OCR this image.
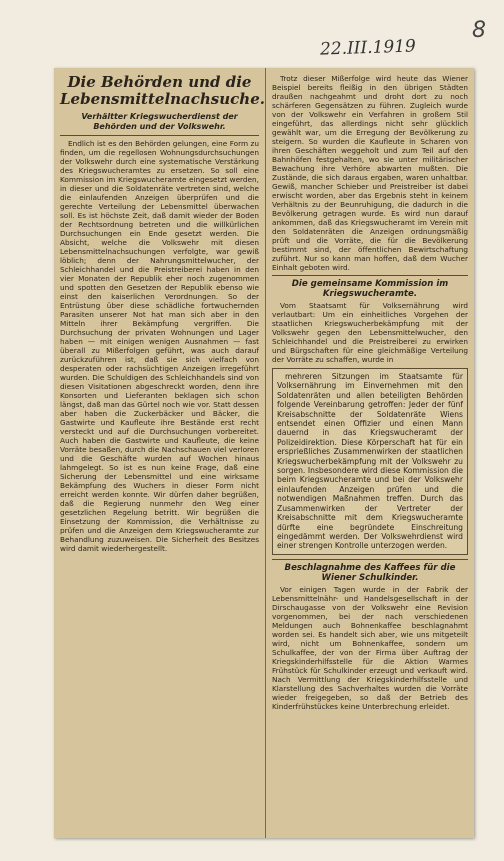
8
22.III.1919
Die Behörden und die Lebensmittelnachsuche.
Verhältter Kriegswucherdienst der Behörden und der Volkswehr.

Endlich ist es den Behörden gelungen, eine Form zu finden, um die regellosen Wohnungsdurchsuchungen der Volkswehr durch eine systematische Verstärkung des Kriegswucheramtes zu ersetzen. So soll eine Kommission im Kriegswucheramte eingesetzt werden, in dieser und die Soldatenräte vertreten sind, welche die einlaufenden Anzeigen überprüfen und die gerechte Verteilung der Lebensmittel überwachen soll. Es ist höchste Zeit, daß damit wieder der Boden der Rechtsordnung betreten und die willkürlichen Durchsuchungen ein Ende gesetzt werden. Die Absicht, welche die Volkswehr mit diesen Lebensmittelnachsuchungen verfolgte, war gewiß löblich; denn der Nahrungsmittelwucher, der Schleichhandel und die Preistreiberei haben in den vier Monaten der Republik eher noch zugenommen und spotten den Gesetzen der Republik ebenso wie einst den kaiserlichen Verordnungen. So der Entrüstung über diese schädliche fortwuchernden Parasiten unserer Not hat man sich aber in den Mitteln ihrer Bekämpfung vergriffen. Die Durchsuchung der privaten Wohnungen und Lager haben — mit einigen wenigen Ausnahmen — fast überall zu Mißerfolgen geführt, was auch darauf zurückzuführen ist, daß sie sich vielfach von desperaten oder rachsüchtigen Anzeigen irregeführt wurden. Die Schuldigen des Schleichhandels sind von diesen Visitationen abgeschreckt worden, denn ihre Konsorten und Lieferanten beklagen sich schon längst, daß man das Gürtel noch wie vor. Statt dessen aber haben die Zuckerbäcker und Bäcker, die Gastwirte und Kaufleute ihre Bestände erst recht versteckt und auf die Durchsuchungen vorbereitet. Auch haben die Gastwirte und Kaufleute, die keine Vorräte besaßen, durch die Nachschauen viel verloren und die Geschäfte wurden auf Wochen hinaus lahmgelegt. So ist es nun keine Frage, daß eine Sicherung der Lebensmittel und eine wirksame Bekämpfung des Wuchers in dieser Form nicht erreicht werden konnte. Wir dürfen daher begrüßen, daß die Regierung nunmehr den Weg einer gesetzlichen Regelung betritt. Wir begrüßen die Einsetzung der Kommission, die Verhältnisse zu prüfen und die Anzeigen dem Kriegswucheramte zur Behandlung zuzuweisen. Die Sicherheit des Besitzes wird damit wiederhergestellt.

Trotz dieser Mißerfolge wird heute das Wiener Beispiel bereits fleißig in den übrigen Städten draußen nachgeahmt und droht dort zu noch schärferen Gegensätzen zu führen. Zugleich wurde von der Volkswehr ein Verfahren in großem Stil eingeführt, das allerdings nicht sehr glücklich gewählt war, um die Erregung der Bevölkerung zu steigern. So wurden die Kaufleute in Scharen von ihren Geschäften weggeholt und zum Teil auf den Bahnhöfen festgehalten, wo sie unter militärischer Bewachung ihre Verhöre abwarten mußten. Die Zustände, die sich daraus ergaben, waren unhaltbar. Gewiß, mancher Schieber und Preistreiber ist dabei erwischt worden, aber das Ergebnis steht in keinem Verhältnis zu der Beunruhigung, die dadurch in die Bevölkerung getragen wurde. Es wird nun darauf ankommen, daß das Kriegswucheramt im Verein mit den Soldatenräten die Anzeigen ordnungsmäßig prüft und die Vorräte, die für die Bevölkerung bestimmt sind, der öffentlichen Bewirtschaftung zuführt. Nur so kann man hoffen, daß dem Wucher Einhalt geboten wird.

Die gemeinsame Kommission im Kriegswucheramte.

Vom Staatsamt für Volksernährung wird verlautbart: Um ein einheitliches Vorgehen der staatlichen Kriegswucherbekämpfung mit der Volkswehr gegen den Lebensmittelwucher, den Schleichhandel und die Preistreiberei zu erwirken und Bürgschaften für eine gleichmäßige Verteilung der Vorräte zu schaffen, wurde in

mehreren Sitzungen im Staatsamte für Volksernährung im Einvernehmen mit den Soldatenräten und allen beteiligten Behörden folgende Vereinbarung getroffen: Jeder der fünf Kreisabschnitte der Soldatenräte Wiens entsendet einen Offizier und einen Mann dauernd in das Kriegswucheramt der Polizeidirektion. Diese Körperschaft hat für ein ersprießliches Zusammenwirken der staatlichen Kriegswucherbekämpfung mit der Volkswehr zu sorgen. Insbesondere wird diese Kommission die beim Kriegswucheramte und bei der Volkswehr einlaufenden Anzeigen prüfen und die notwendigen Maßnahmen treffen. Durch das Zusammenwirken der Vertreter der Kreisabschnitte mit dem Kriegswucheramte dürfte eine begründete Einschreitung eingedämmt werden. Der Volkswehrdienst wird einer strengen Kontrolle unterzogen werden.

Beschlagnahme des Kaffees für die Wiener Schulkinder.

Vor einigen Tagen wurde in der Fabrik der Lebensmittelnähr- und Handelsgesellschaft in der Dirschaugasse von der Volkswehr eine Revision vorgenommen, bei der nach verschiedenen Meldungen auch Bohnenkaffee beschlagnahmt worden sei. Es handelt sich aber, wie uns mitgeteilt wird, nicht um Bohnenkaffee, sondern um Schulkaffee, der von der Firma über Auftrag der Kriegskinderhilfsstelle für die Aktion Warmes Frühstück für Schulkinder erzeugt und verkauft wird. Nach Vermittlung der Kriegskinderhilfsstelle und Klarstellung des Sachverhaltes wurden die Vorräte wieder freigegeben, so daß der Betrieb des Kinderfrühstückes keine Unterbrechung erleidet.
